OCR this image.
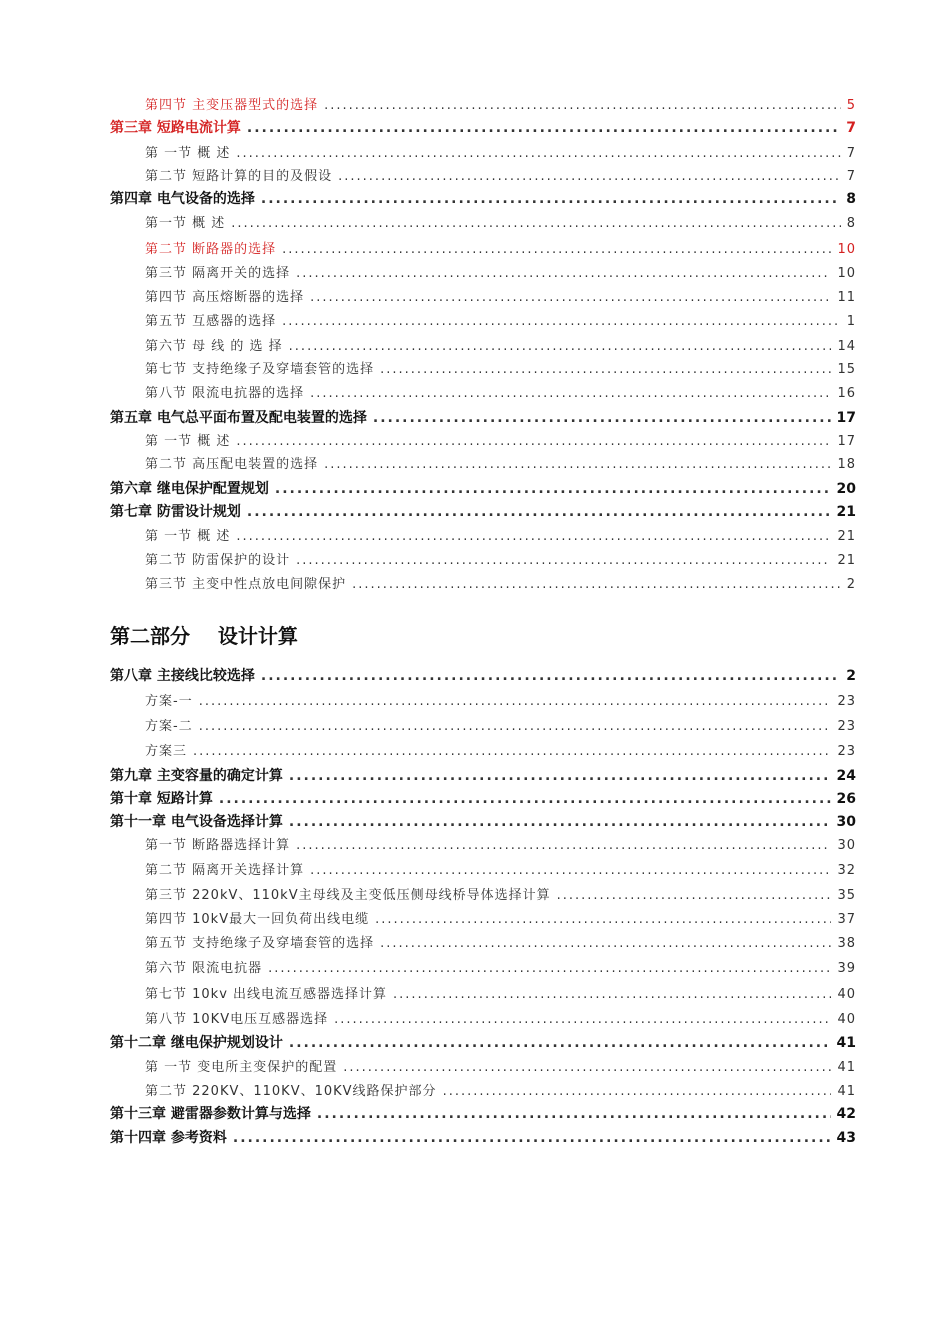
第四节 主变压器型式的选择 .....	5
第三章 短路电流计算 .....	7
第 一节 概 述 .....	7
第二节 短路计算的目的及假设 .....	7
第四章 电气设备的选择 .....	8
第一节 概 述 .....	8
第二节 断路器的选择 .....	10
第三节 隔离开关的选择 .....	10
第四节 高压熔断器的选择 .....	11
第五节 互感器的选择 .....	1
第六节 母 线 的 选 择 .....	14
第七节 支持绝缘子及穿墙套管的选择 .....	15
第八节 限流电抗器的选择 .....	16
第五章 电气总平面布置及配电装置的选择 .....	17
第 一节 概 述 .....	17
第二节 高压配电装置的选择 .....	18
第六章 继电保护配置规划 .....	20
第七章 防雷设计规划 .....	21
第 一节 概 述 .....	21
第二节 防雷保护的设计 .....	21
第三节 主变中性点放电间隙保护 .....	2
第二部分    设计计算
第八章 主接线比较选择 .....	2
方案-一 .....	23
方案-二 .....	23
方案三 .....	23
第九章 主变容量的确定计算 .....	24
第十章 短路计算 .....	26
第十一章 电气设备选择计算 .....	30
第一节 断路器选择计算 .....	30
第二节 隔离开关选择计算 .....	32
第三节 220kV、110kV主母线及主变低压侧母线桥导体选择计算 .....	35
第四节 10kV最大一回负荷出线电缆 .....	37
第五节 支持绝缘子及穿墙套管的选择 .....	38
第六节 限流电抗器 .....	39
第七节 10kv 出线电流互感器选择计算 .....	40
第八节 10KV电压互感器选择 .....	40
第十二章 继电保护规划设计 .....	41
第 一节 变电所主变保护的配置 .....	41
第二节 220KV、110KV、10KV线路保护部分 .....	41
第十三章 避雷器参数计算与选择 .....	42
第十四章 参考资料 .....	43
